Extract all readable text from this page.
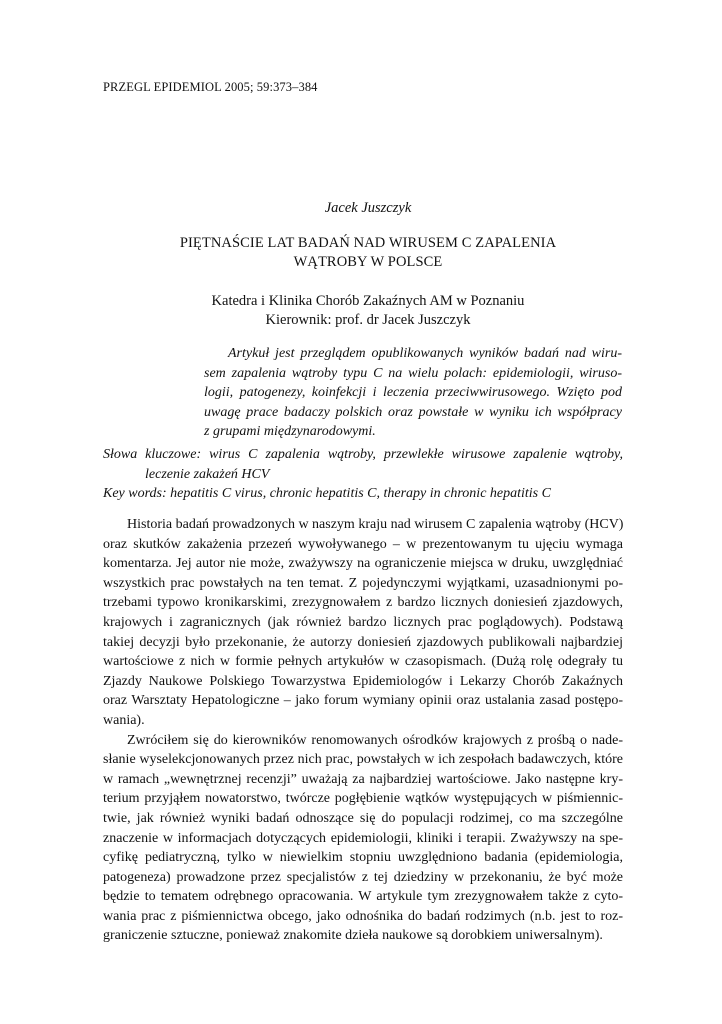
PRZEGL EPIDEMIOL 2005; 59:373–384
Jacek Juszczyk
PIĘTNAŚCIE LAT BADAŃ NAD WIRUSEM C ZAPALENIA
WĄTROBY W POLSCE
Katedra i Klinika Chorób Zakaźnych AM w Poznaniu
Kierownik: prof. dr Jacek Juszczyk
Artykuł jest przeglądem opublikowanych wyników badań nad wiru-
sem zapalenia wątroby typu C na wielu polach: epidemiologii, wiruso-
logii, patogenezy, koinfekcji i leczenia przeciwwirusowego. Wzięto pod
uwagę prace badaczy polskich oraz powstałe w wyniku ich współpracy
z grupami międzynarodowymi.
Słowa kluczowe: wirus C zapalenia wątroby, przewlekłe wirusowe zapalenie wątroby,
leczenie zakażeń HCV
Key words: hepatitis C virus, chronic hepatitis C, therapy in chronic hepatitis C
Historia badań prowadzonych w naszym kraju nad wirusem C zapalenia wątroby (HCV)
oraz skutków zakażenia przezeń wywoływanego – w prezentowanym tu ujęciu wymaga
komentarza. Jej autor nie może, zważywszy na ograniczenie miejsca w druku, uwzględniać
wszystkich prac powstałych na ten temat. Z pojedynczymi wyjątkami, uzasadnionymi po-
trzebami typowo kronikarskimi, zrezygnowałem z bardzo licznych doniesień zjazdowych,
krajowych i zagranicznych (jak również bardzo licznych prac poglądowych). Podstawą
takiej decyzji było przekonanie, że autorzy doniesień zjazdowych publikowali najbardziej
wartościowe z nich w formie pełnych artykułów w czasopismach. (Dużą rolę odegrały tu
Zjazdy Naukowe Polskiego Towarzystwa Epidemiologów i Lekarzy Chorób Zakaźnych
oraz Warsztaty Hepatologiczne – jako forum wymiany opinii oraz ustalania zasad postępo-
wania).
Zwróciłem się do kierowników renomowanych ośrodków krajowych z prośbą o nade-
słanie wyselekcjonowanych przez nich prac, powstałych w ich zespołach badawczych, które
w ramach „wewnętrznej recenzji” uważają za najbardziej wartościowe. Jako następne kry-
terium przyjąłem nowatorstwo, twórcze pogłębienie wątków występujących w piśmiennic-
twie, jak również wyniki badań odnoszące się do populacji rodzimej, co ma szczególne
znaczenie w informacjach dotyczących epidemiologii, kliniki i terapii. Zważywszy na spe-
cyfikę pediatryczną, tylko w niewielkim stopniu uwzględniono badania (epidemiologia,
patogeneza) prowadzone przez specjalistów z tej dziedziny w przekonaniu, że być może
będzie to tematem odrębnego opracowania. W artykule tym zrezygnowałem także z cyto-
wania prac z piśmiennictwa obcego, jako odnośnika do badań rodzimych (n.b. jest to roz-
graniczenie sztuczne, ponieważ znakomite dzieła naukowe są dorobkiem uniwersalnym).
